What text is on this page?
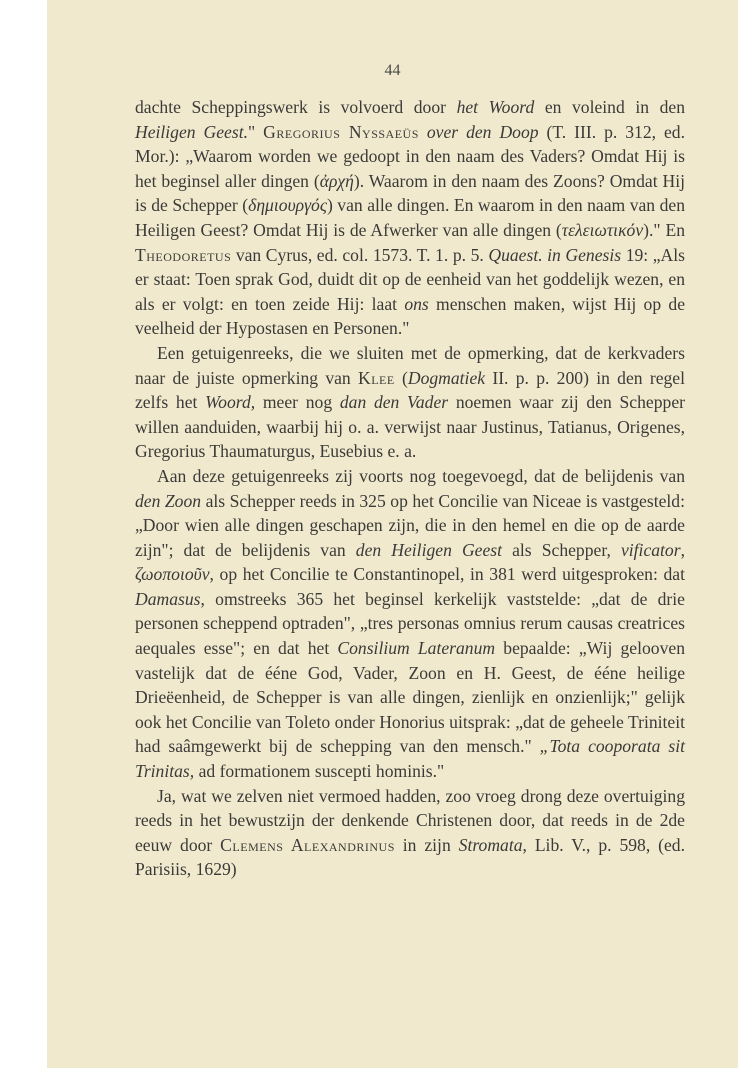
44

dachte Scheppingswerk is volvoerd door het Woord en voleind in den Heiligen Geest." Gregorius Nyssaeüs over den Doop (T. III. p. 312, ed. Mor.): „Waarom worden we gedoopt in den naam des Vaders? Omdat Hij is het beginsel aller dingen (ἀρχή). Waarom in den naam des Zoons? Omdat Hij is de Schepper (δημιουργός) van alle dingen. En waarom in den naam van den Heiligen Geest? Omdat Hij is de Afwerker van alle dingen (τελειωτικόν)." En Theodoretus van Cyrus, ed. col. 1573. T. 1. p. 5. Quaest. in Genesis 19: „Als er staat: Toen sprak God, duidt dit op de eenheid van het goddelijk wezen, en als er volgt: en toen zeide Hij: laat ons menschen maken, wijst Hij op de veelheid der Hypostasen en Personen."

Een getuigenreeks, die we sluiten met de opmerking, dat de kerkvaders naar de juiste opmerking van Klee (Dogmatiek II. p. p. 200) in den regel zelfs het Woord, meer nog dan den Vader noemen waar zij den Schepper willen aanduiden, waarbij hij o. a. verwijst naar Justinus, Tatianus, Origenes, Gregorius Thaumaturgus, Eusebius e. a.

Aan deze getuigenreeks zij voorts nog toegevoegd, dat de belijdenis van den Zoon als Schepper reeds in 325 op het Concilie van Niceae is vastgesteld: „Door wien alle dingen geschapen zijn, die in den hemel en die op de aarde zijn"; dat de belijdenis van den Heiligen Geest als Schepper, vificator, ζωοποιοῦν, op het Concilie te Constantinopel, in 381 werd uitgesproken: dat Damasus, omstreeks 365 het beginsel kerkelijk vaststelde: „dat de drie personen scheppend optraden", „tres personas omnius rerum causas creatrices aequales esse"; en dat het Consilium Lateranum bepaalde: „Wij gelooven vastelijk dat de ééne God, Vader, Zoon en H. Geest, de ééne heilige Drieëenheid, de Schepper is van alle dingen, zienlijk en onzienlijk;" gelijk ook het Concilie van Toleto onder Honorius uitsprak: „dat de geheele Triniteit had saâmgewerkt bij de schepping van den mensch." „Tota cooporata sit Trinitas, ad formationem suscepti hominis."

Ja, wat we zelven niet vermoed hadden, zoo vroeg drong deze overtuiging reeds in het bewustzijn der denkende Christenen door, dat reeds in de 2de eeuw door Clemens Alexandrinus in zijn Stromata, Lib. V., p. 598, (ed. Parisiis, 1629)
